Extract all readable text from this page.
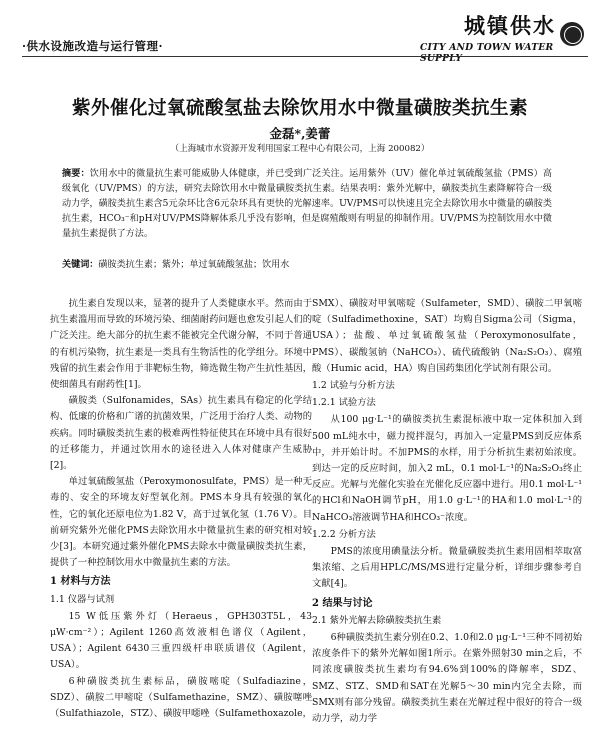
·供水设施改造与运行管理·
城镇供水
CITY AND TOWN WATER SUPPLY
紫外催化过氧硫酸氢盐去除饮用水中微量磺胺类抗生素
金磊*,姜蕾
（上海城市水资源开发利用国家工程中心有限公司，上海 200082）
摘要：饮用水中的微量抗生素可能威胁人体健康，并已受到广泛关注。运用紫外（UV）催化单过氧硫酸氢盐（PMS）高级氧化（UV/PMS）的方法，研究去除饮用水中微量磺胺类抗生素。结果表明：紫外光解中，磺胺类抗生素降解符合一级动力学，磺胺类抗生素含5元杂环比含6元杂环具有更快的光解速率。UV/PMS可以快速且完全去除饮用水中微量的磺胺类抗生素，HCO₃⁻和pH对UV/PMS降解体系几乎没有影响，但是腐殖酸则有明显的抑制作用。UV/PMS为控制饮用水中微量抗生素提供了方法。
关键词：磺胺类抗生素；紫外；单过氧硫酸氢盐；饮用水

抗生素自发现以来，显著的提升了人类健康水平。然而由于抗生素滥用而导致的环境污染、细菌耐药问题也愈发引起人们的广泛关注。绝大部分的抗生素不能被完全代谢分解，不同于普通的有机污染物，抗生素是一类具有生物活性的化学组分。环境中残留的抗生素会作用于非靶标生物，筛选微生物产生抗性基因，使细菌具有耐药性[1]。

磺胺类（Sulfonamides，SAs）抗生素具有稳定的化学结构、低廉的价格和广谱的抗菌效果，广泛用于治疗人类、动物的疾病。同时磺胺类抗生素的极难两性特征使其在环境中具有很好的迁移能力，并通过饮用水的途径进入人体对健康产生威胁[2]。

单过氧硫酸氢盐（Peroxymonosulfate，PMS）是一种无毒的、安全的环境友好型氧化剂。PMS本身具有较强的氧化性，它的氧化还原电位为1.82 V，高于过氧化氢（1.76 V）。目前研究紫外光催化PMS去除饮用水中微量抗生素的研究相对较少[3]。本研究通过紫外催化PMS去除水中微量磺胺类抗生素，提供了一种控制饮用水中微量抗生素的方法。

1 材料与方法

1.1 仪器与试剂

15 W低压紫外灯（Heraeus，GPH303T5L，43 μW·cm⁻²）；Agilent 1260高效液相色谱仪（Agilent，USA）；Agilent 6430三重四级杆串联质谱仪（Agilent，USA）。

6种磺胺类抗生素标品，磺胺嘧啶（Sulfadiazine，SDZ）、磺胺二甲嘧啶（Sulfamethazine，SMZ）、磺胺噻唑（Sulfathiazole，STZ）、磺胺甲噁唑（Sulfamethoxazole，

SMX）、磺胺对甲氧嘧啶（Sulfameter，SMD）、磺胺二甲氧嘧啶（Sulfadimethoxine，SAT）均购自Sigma公司（Sigma，USA）；盐酸、单过氧硫酸氢盐（Peroxymonosulfate，PMS）、碳酸氢钠（NaHCO₃）、硫代硫酸钠（Na₂S₂O₃）、腐殖酸（Humic acid，HA）购自国药集团化学试剂有限公司。

1.2 试验与分析方法

1.2.1 试验方法

从100 μg·L⁻¹的磺胺类抗生素混标液中取一定体积加入到500 mL纯水中，磁力搅拌混匀，再加入一定量PMS到反应体系中，并开始计时。不加PMS的水样，用于分析抗生素初始浓度。到达一定的反应时间，加入2 mL，0.1 mol·L⁻¹的Na₂S₂O₃终止反应。光解与光催化实验在光催化反应器中进行。用0.1 mol·L⁻¹的HCl和NaOH调节pH，用1.0 g·L⁻¹的HA和1.0 mol·L⁻¹的NaHCO₃溶液调节HA和HCO₃⁻浓度。

1.2.2 分析方法

PMS的浓度用碘量法分析。微量磺胺类抗生素用固相萃取富集浓缩、之后用HPLC/MS/MS进行定量分析，详细步骤参考自文献[4]。

2 结果与讨论

2.1 紫外光解去除磺胺类抗生素

6种磺胺类抗生素分别在0.2、1.0和2.0 μg·L⁻¹三种不同初始浓度条件下的紫外光解如图1所示。在紫外照射30 min之后，不同浓度磺胺类抗生素均有94.6%到100%的降解率，SDZ、SMZ、STZ、SMD和SAT在光解5～30 min内完全去除，而SMX则有部分残留。磺胺类抗生素在光解过程中很好的符合一级动力学，动力学
